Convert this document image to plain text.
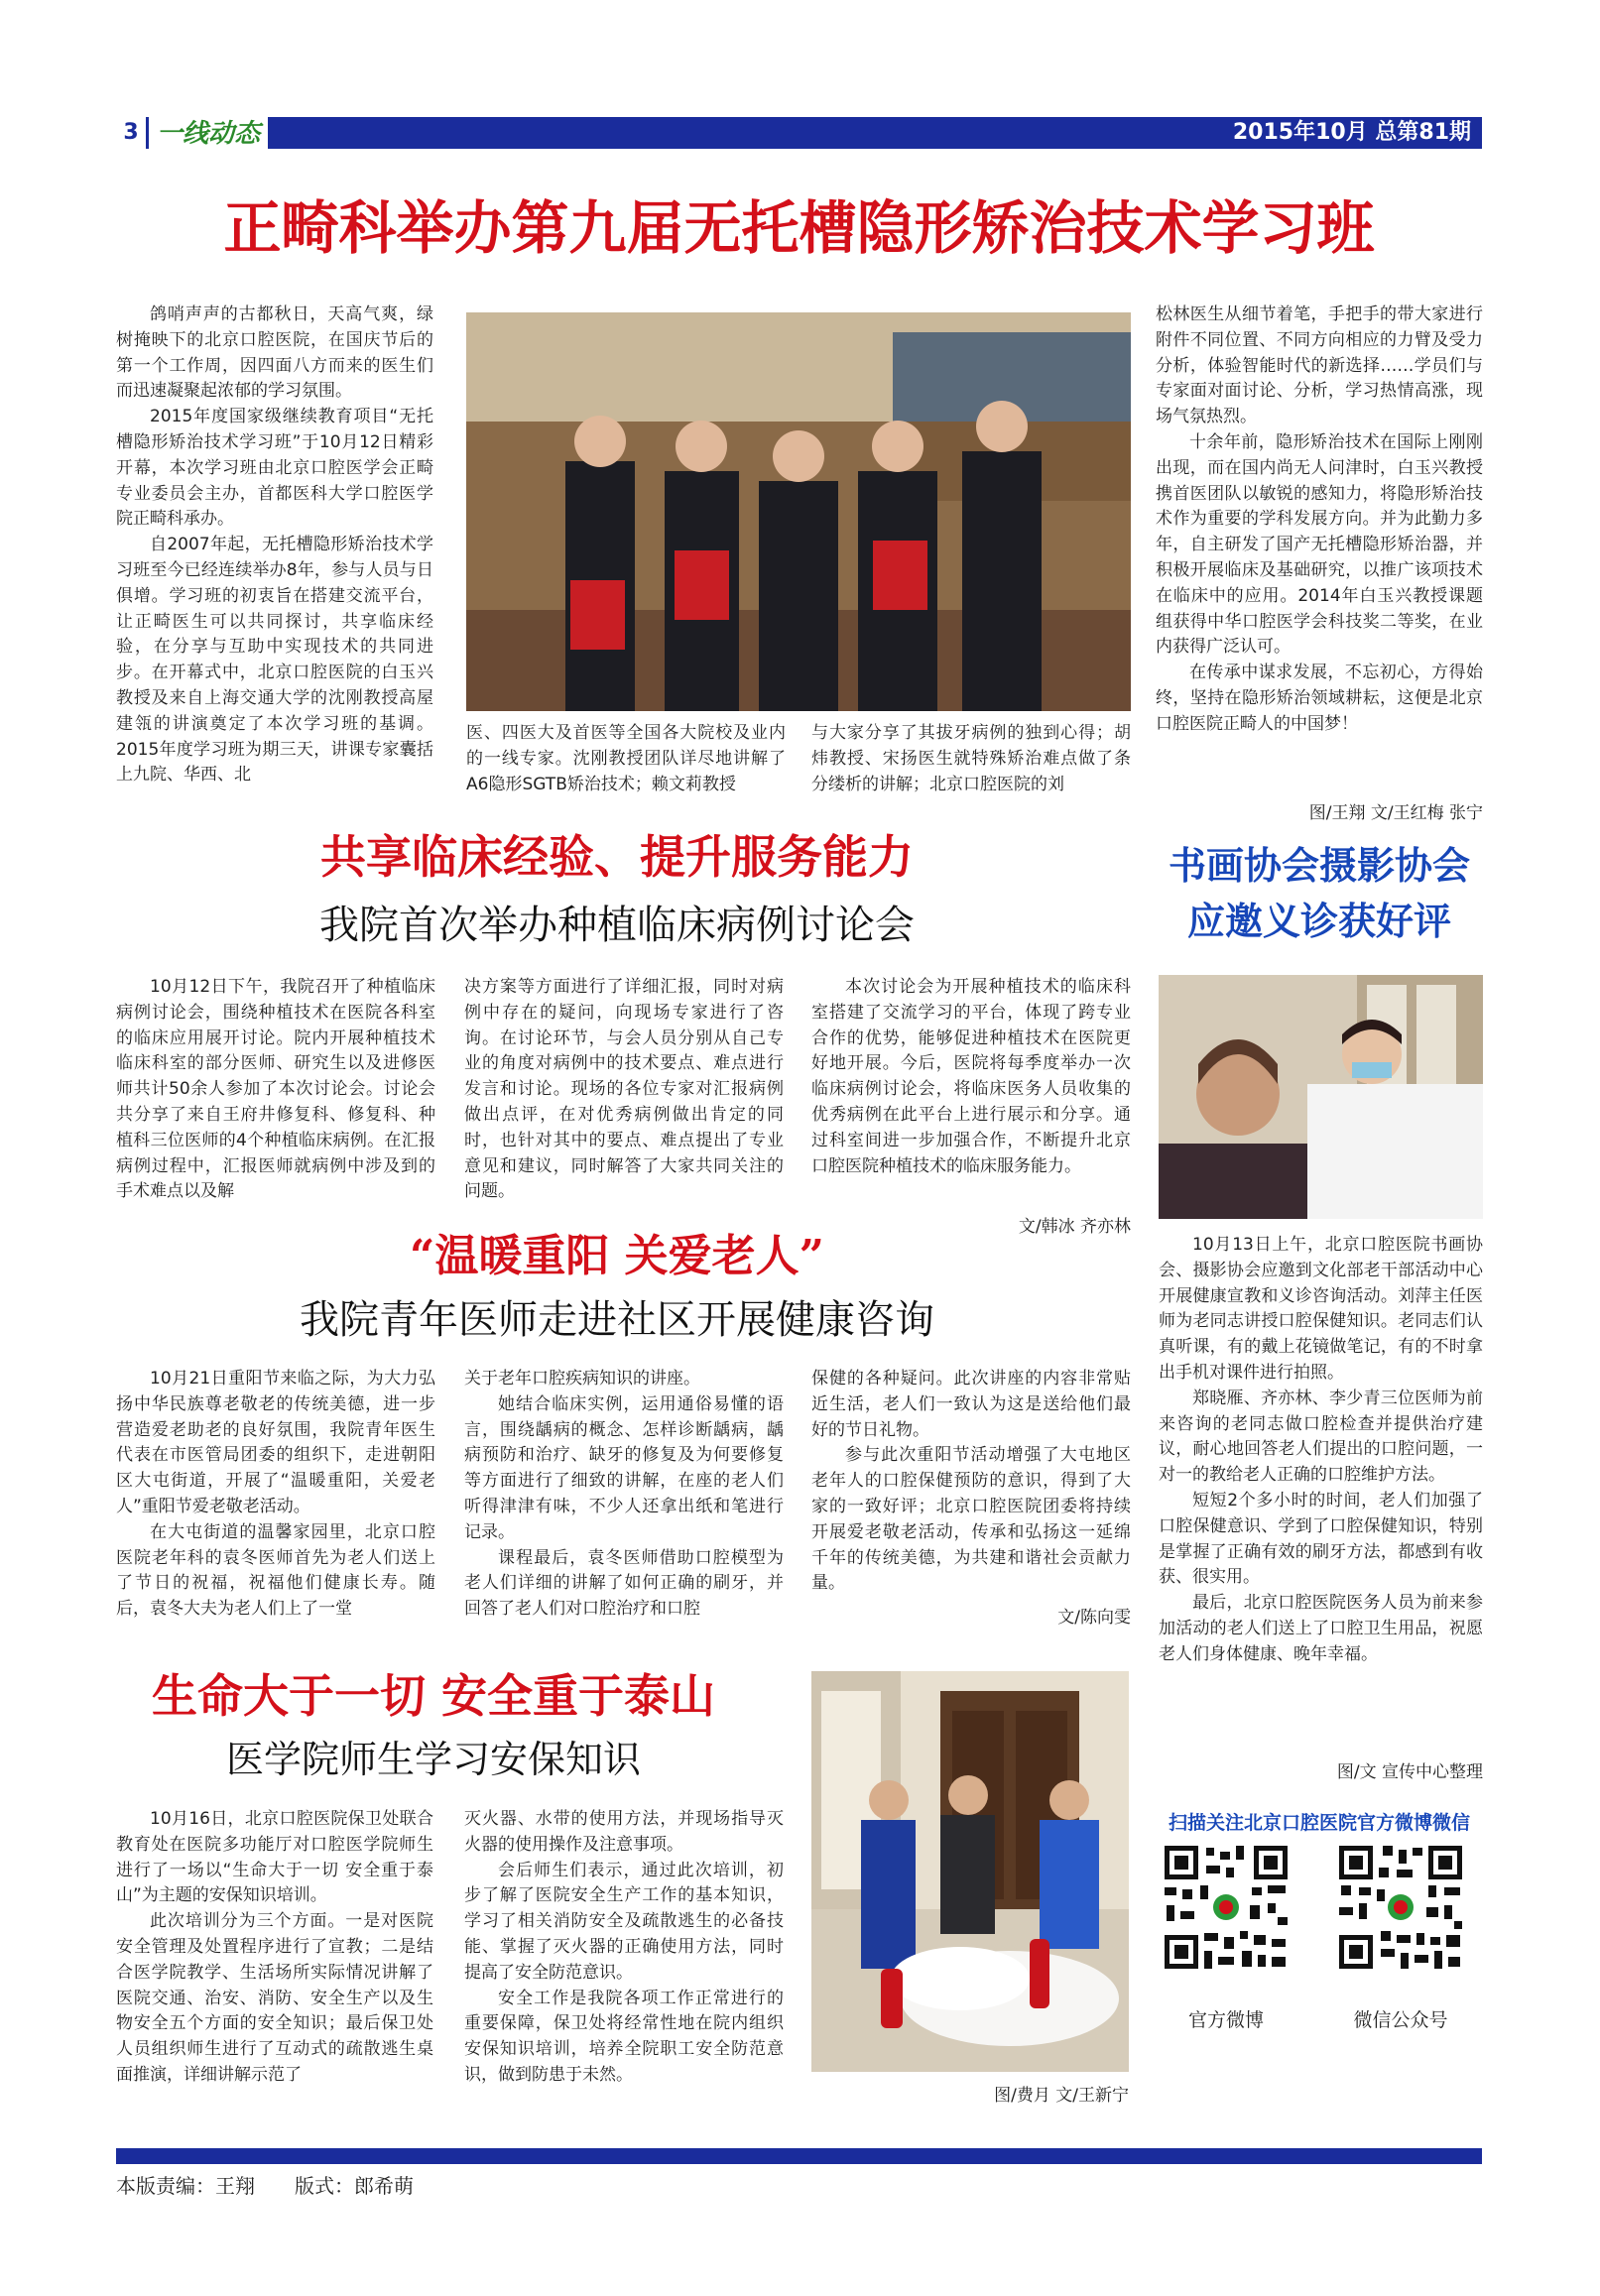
3 一线动态	2015年10月 总第81期
正畸科举办第九届无托槽隐形矫治技术学习班

鸽哨声声的古都秋日，天高气爽，绿树掩映下的北京口腔医院，在国庆节后的第一个工作周，因四面八方而来的医生们而迅速凝聚起浓郁的学习氛围。

2015年度国家级继续教育项目“无托槽隐形矫治技术学习班”于10月12日精彩开幕，本次学习班由北京口腔医学会正畸专业委员会主办，首都医科大学口腔医学院正畸科承办。

自2007年起，无托槽隐形矫治技术学习班至今已经连续举办8年，参与人员与日俱增。学习班的初衷旨在搭建交流平台，让正畸医生可以共同探讨，共享临床经验，在分享与互助中实现技术的共同进步。在开幕式中，北京口腔医院的白玉兴教授及来自上海交通大学的沈刚教授高屋建瓴的讲演奠定了本次学习班的基调。2015年度学习班为期三天，讲课专家囊括上九院、华西、北

医、四医大及首医等全国各大院校及业内的一线专家。沈刚教授团队详尽地讲解了A6隐形SGTB矫治技术；赖文莉教授

与大家分享了其拔牙病例的独到心得；胡炜教授、宋扬医生就特殊矫治难点做了条分缕析的讲解；北京口腔医院的刘

松林医生从细节着笔，手把手的带大家进行附件不同位置、不同方向相应的力臂及受力分析，体验智能时代的新选择……学员们与专家面对面讨论、分析，学习热情高涨，现场气氛热烈。

十余年前，隐形矫治技术在国际上刚刚出现，而在国内尚无人问津时，白玉兴教授携首医团队以敏锐的感知力，将隐形矫治技术作为重要的学科发展方向。并为此勤力多年，自主研发了国产无托槽隐形矫治器，并积极开展临床及基础研究，以推广该项技术在临床中的应用。2014年白玉兴教授课题组获得中华口腔医学会科技奖二等奖，在业内获得广泛认可。

在传承中谋求发展，不忘初心，方得始终，坚持在隐形矫治领域耕耘，这便是北京口腔医院正畸人的中国梦！

图/王翔 文/王红梅 张宁
共享临床经验、提升服务能力
我院首次举办种植临床病例讨论会

10月12日下午，我院召开了种植临床病例讨论会，围绕种植技术在医院各科室的临床应用展开讨论。院内开展种植技术临床科室的部分医师、研究生以及进修医师共计50余人参加了本次讨论会。讨论会共分享了来自王府井修复科、修复科、种植科三位医师的4个种植临床病例。在汇报病例过程中，汇报医师就病例中涉及到的手术难点以及解

决方案等方面进行了详细汇报，同时对病例中存在的疑问，向现场专家进行了咨询。在讨论环节，与会人员分别从自己专业的角度对病例中的技术要点、难点进行发言和讨论。现场的各位专家对汇报病例做出点评，在对优秀病例做出肯定的同时，也针对其中的要点、难点提出了专业意见和建议，同时解答了大家共同关注的问题。

本次讨论会为开展种植技术的临床科室搭建了交流学习的平台，体现了跨专业合作的优势，能够促进种植技术在医院更好地开展。今后，医院将每季度举办一次临床病例讨论会，将临床医务人员收集的优秀病例在此平台上进行展示和分享。通过科室间进一步加强合作，不断提升北京口腔医院种植技术的临床服务能力。

文/韩冰 齐亦林
“温暖重阳 关爱老人”
我院青年医师走进社区开展健康咨询

10月21日重阳节来临之际，为大力弘扬中华民族尊老敬老的传统美德，进一步营造爱老助老的良好氛围，我院青年医生代表在市医管局团委的组织下，走进朝阳区大屯街道，开展了“温暖重阳，关爱老人”重阳节爱老敬老活动。

在大屯街道的温馨家园里，北京口腔医院老年科的袁冬医师首先为老人们送上了节日的祝福，祝福他们健康长寿。随后，袁冬大夫为老人们上了一堂

关于老年口腔疾病知识的讲座。

她结合临床实例，运用通俗易懂的语言，围绕龋病的概念、怎样诊断龋病，龋病预防和治疗、缺牙的修复及为何要修复等方面进行了细致的讲解，在座的老人们听得津津有味，不少人还拿出纸和笔进行记录。

课程最后，袁冬医师借助口腔模型为老人们详细的讲解了如何正确的刷牙，并回答了老人们对口腔治疗和口腔

保健的各种疑问。此次讲座的内容非常贴近生活，老人们一致认为这是送给他们最好的节日礼物。

参与此次重阳节活动增强了大屯地区老年人的口腔保健预防的意识，得到了大家的一致好评；北京口腔医院团委将持续开展爱老敬老活动，传承和弘扬这一延绵千年的传统美德，为共建和谐社会贡献力量。

文/陈向雯
书画协会摄影协会
应邀义诊获好评

10月13日上午，北京口腔医院书画协会、摄影协会应邀到文化部老干部活动中心开展健康宣教和义诊咨询活动。刘萍主任医师为老同志讲授口腔保健知识。老同志们认真听课，有的戴上花镜做笔记，有的不时拿出手机对课件进行拍照。

郑晓雁、齐亦林、李少青三位医师为前来咨询的老同志做口腔检查并提供治疗建议，耐心地回答老人们提出的口腔问题，一对一的教给老人正确的口腔维护方法。

短短2个多小时的时间，老人们加强了口腔保健意识、学到了口腔保健知识，特别是掌握了正确有效的刷牙方法，都感到有收获、很实用。

最后，北京口腔医院医务人员为前来参加活动的老人们送上了口腔卫生用品，祝愿老人们身体健康、晚年幸福。

图/文 宣传中心整理
扫描关注北京口腔医院官方微博微信
官方微博	微信公众号
生命大于一切 安全重于泰山
医学院师生学习安保知识

10月16日，北京口腔医院保卫处联合教育处在医院多功能厅对口腔医学院师生进行了一场以“生命大于一切 安全重于泰山”为主题的安保知识培训。

此次培训分为三个方面。一是对医院安全管理及处置程序进行了宣教；二是结合医学院教学、生活场所实际情况讲解了医院交通、治安、消防、安全生产以及生物安全五个方面的安全知识；最后保卫处人员组织师生进行了互动式的疏散逃生桌面推演，详细讲解示范了

灭火器、水带的使用方法，并现场指导灭火器的使用操作及注意事项。

会后师生们表示，通过此次培训，初步了解了医院安全生产工作的基本知识，学习了相关消防安全及疏散逃生的必备技能、掌握了灭火器的正确使用方法，同时提高了安全防范意识。

安全工作是我院各项工作正常进行的重要保障，保卫处将经常性地在院内组织安保知识培训，培养全院职工安全防范意识，做到防患于未然。

图/费月 文/王新宁
本版责编：王翔　　版式：郎希萌
